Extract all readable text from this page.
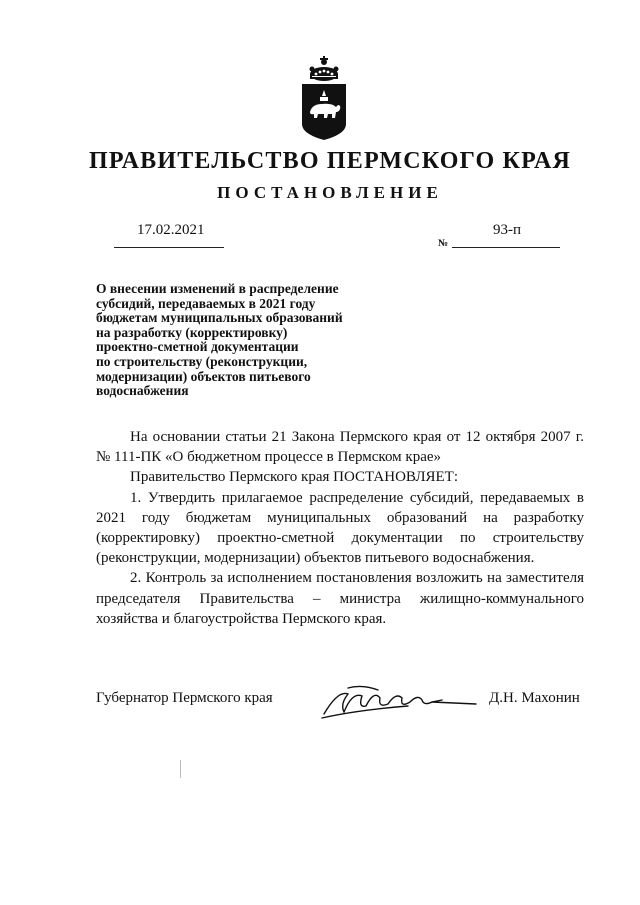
ПРАВИТЕЛЬСТВО ПЕРМСКОГО КРАЯ
ПОСТАНОВЛЕНИЕ
17.02.2021
№
93-п
О внесении изменений в распределение
субсидий, передаваемых в 2021 году
бюджетам муниципальных образований
на разработку (корректировку)
проектно-сметной документации
по строительству (реконструкции,
модернизации) объектов питьевого
водоснабжения

На основании статьи 21 Закона Пермского края от 12 октября 2007 г. № 111-ПК «О бюджетном процессе в Пермском крае»

Правительство Пермского края ПОСТАНОВЛЯЕТ:

1. Утвердить прилагаемое распределение субсидий, передаваемых в 2021 году бюджетам муниципальных образований на разработку (корректировку) проектно-сметной документации по строительству (реконструкции, модернизации) объектов питьевого водоснабжения.

2. Контроль за исполнением постановления возложить на заместителя председателя Правительства – министра жилищно-коммунального хозяйства и благоустройства Пермского края.

Губернатор Пермского края	Д.Н. Махонин
